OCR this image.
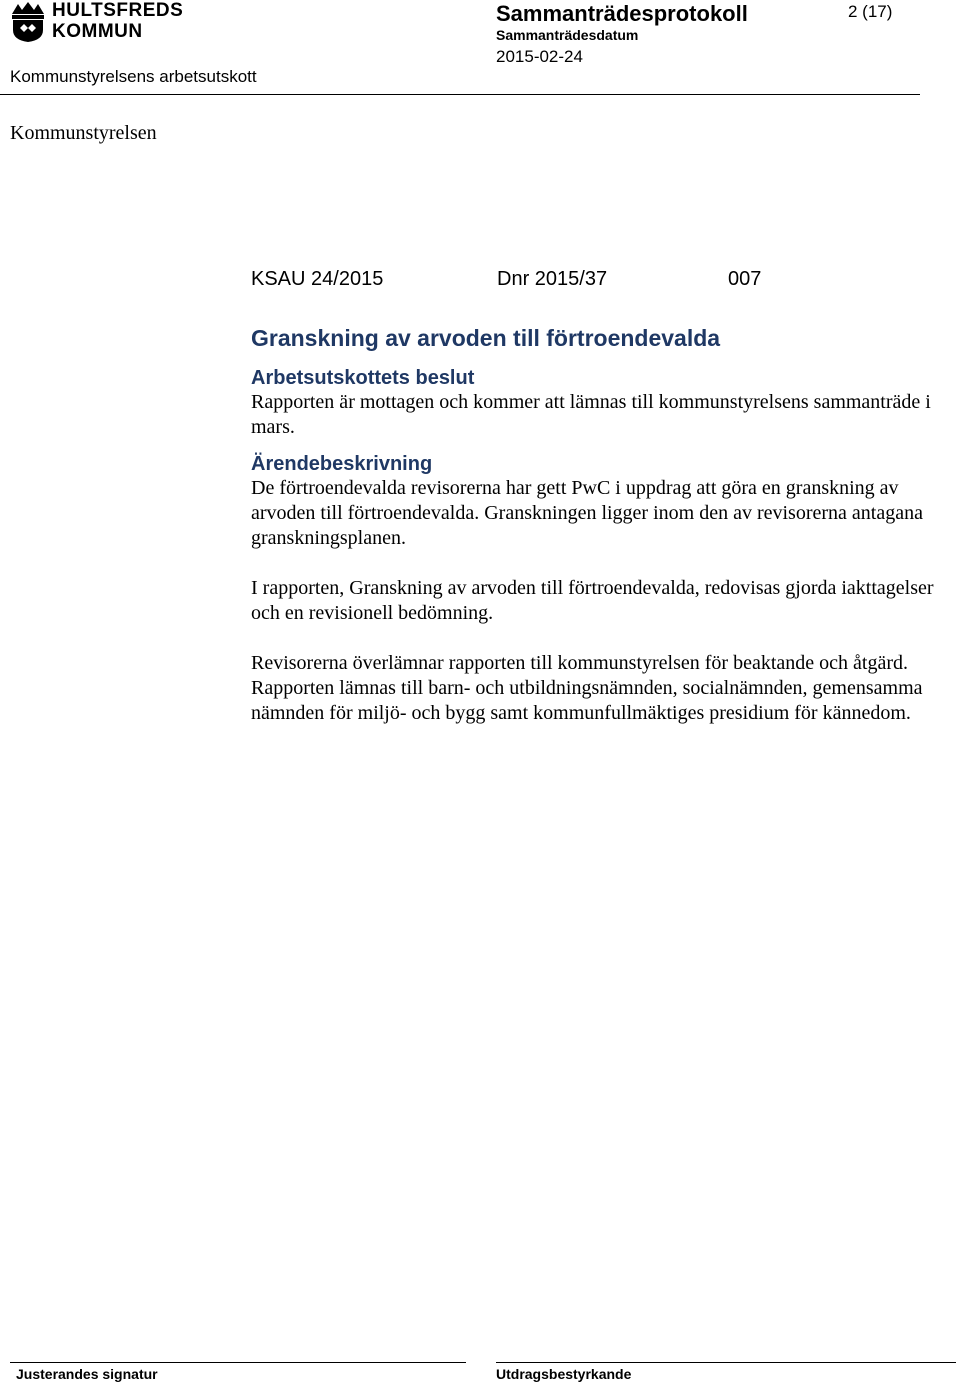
HULTSFREDS
KOMMUN
Sammanträdesprotokoll
Sammanträdesdatum
2015-02-24
2 (17)
Kommunstyrelsens arbetsutskott
Kommunstyrelsen
KSAU 24/2015	Dnr 2015/37	007
Granskning av arvoden till förtroendevalda
Arbetsutskottets beslut

Rapporten är mottagen och kommer att lämnas till kommunstyrelsens sammanträde i mars.

Ärendebeskrivning

De förtroendevalda revisorerna har gett PwC i uppdrag att göra en granskning av arvoden till förtroendevalda. Granskningen ligger inom den av revisorerna antagana granskningsplanen.

I rapporten, Granskning av arvoden till förtroendevalda, redovisas gjorda iakttagelser och en revisionell bedömning.

Revisorerna överlämnar rapporten till kommunstyrelsen för beaktande och åtgärd. Rapporten lämnas till barn- och utbildningsnämnden, socialnämnden, gemensamma nämnden för miljö- och bygg samt kommunfullmäktiges presidium för kännedom.

Justerandes signatur	Utdragsbestyrkande
